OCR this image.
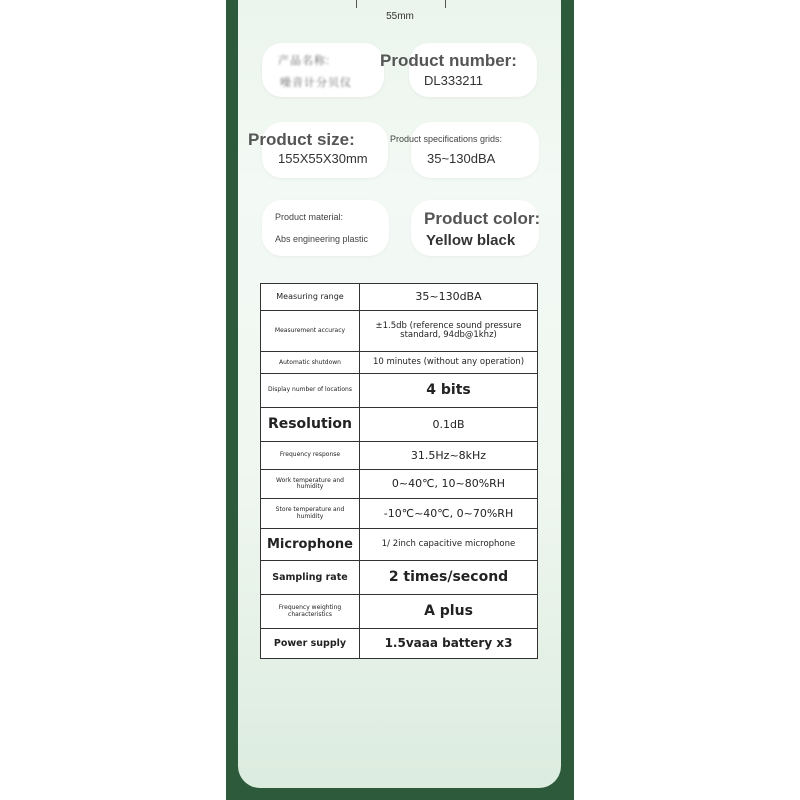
55mm
产品名称:
噪音计分贝仪
Product number:
DL333211
Product size:
155X55X30mm
Product specifications grids:
35~130dBA
Product material:
Abs engineering plastic
Product color:
Yellow black
Measuring range	35~130dBA
Measurement accuracy	±1.5db (reference sound pressure standard, 94db@1khz)
Automatic shutdown	10 minutes (without any operation)
Display number of locations	4 bits
Resolution	0.1dB
Frequency response	31.5Hz~8kHz
Work temperature and humidity	0~40℃, 10~80%RH
Store temperature and humidity	-10℃~40℃, 0~70%RH
Microphone	1/ 2inch capacitive microphone
Sampling rate	2 times/second
Frequency weighting characteristics	A plus
Power supply	1.5vaaa battery x3
